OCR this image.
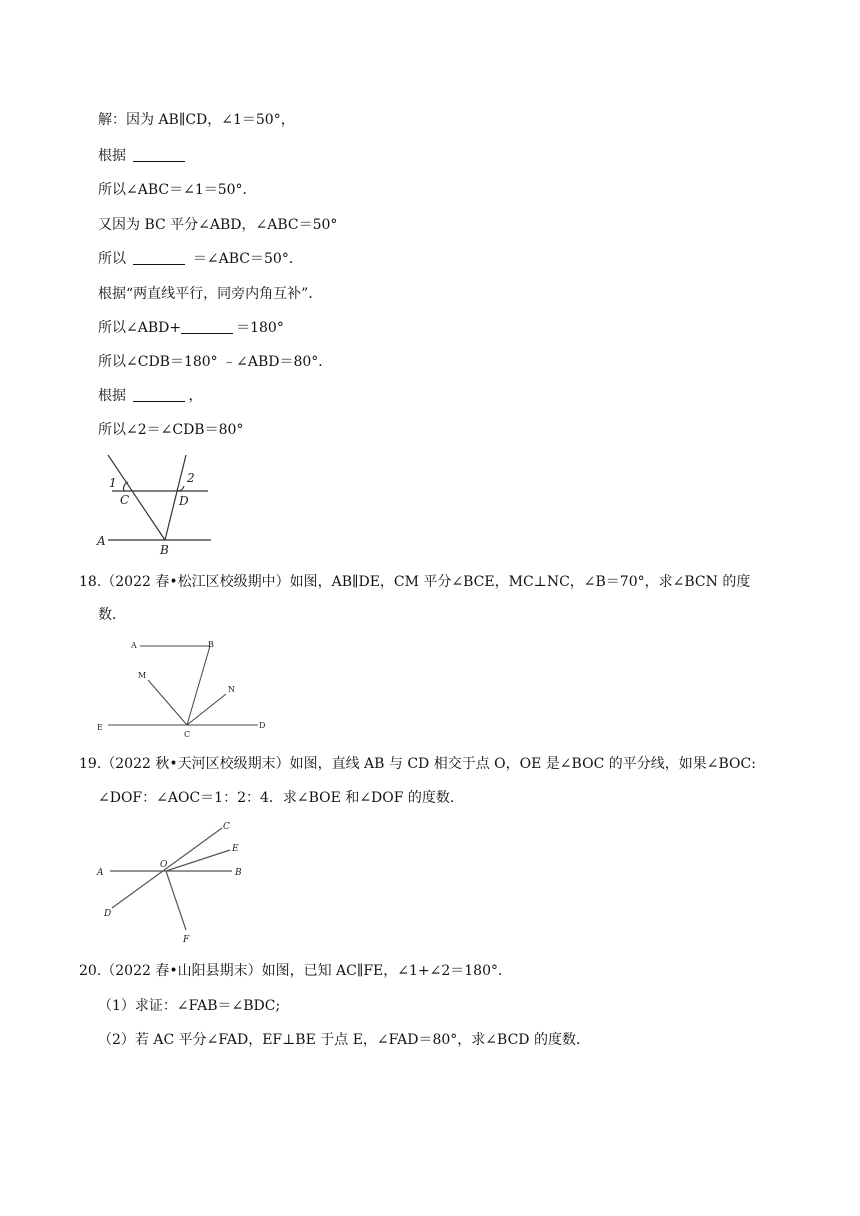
解：因为 AB∥CD，∠1＝50°，
根据
所以∠ABC＝∠1＝50°．
又因为 BC 平分∠ABD，∠ABC＝50°
所以	＝∠ABC＝50°．
根据“两直线平行，同旁内角互补”．
所以∠ABD+	＝180°
所以∠CDB＝180° ﹣∠ABD＝80°．
根据	，
所以∠2＝∠CDB＝80°
1	2
C	D
A
B
18.（2022 春•松江区校级期中）如图，AB∥DE，CM 平分∠BCE，MC⊥NC，∠B＝70°，求∠BCN 的度
数．
A	B
M
N
E
C
D
19.（2022 秋•天河区校级期末）如图，直线 AB 与 CD 相交于点 O，OE 是∠BOC 的平分线，如果∠BOC:
∠DOF：∠AOC＝1：2：4．求∠BOE 和∠DOF 的度数．
C
E
A
O
B
D
F
20.（2022 春•山阳县期末）如图，已知 AC∥FE，∠1+∠2＝180°．
（1）求证：∠FAB＝∠BDC;
（2）若 AC 平分∠FAD，EF⊥BE 于点 E，∠FAD＝80°，求∠BCD 的度数．
